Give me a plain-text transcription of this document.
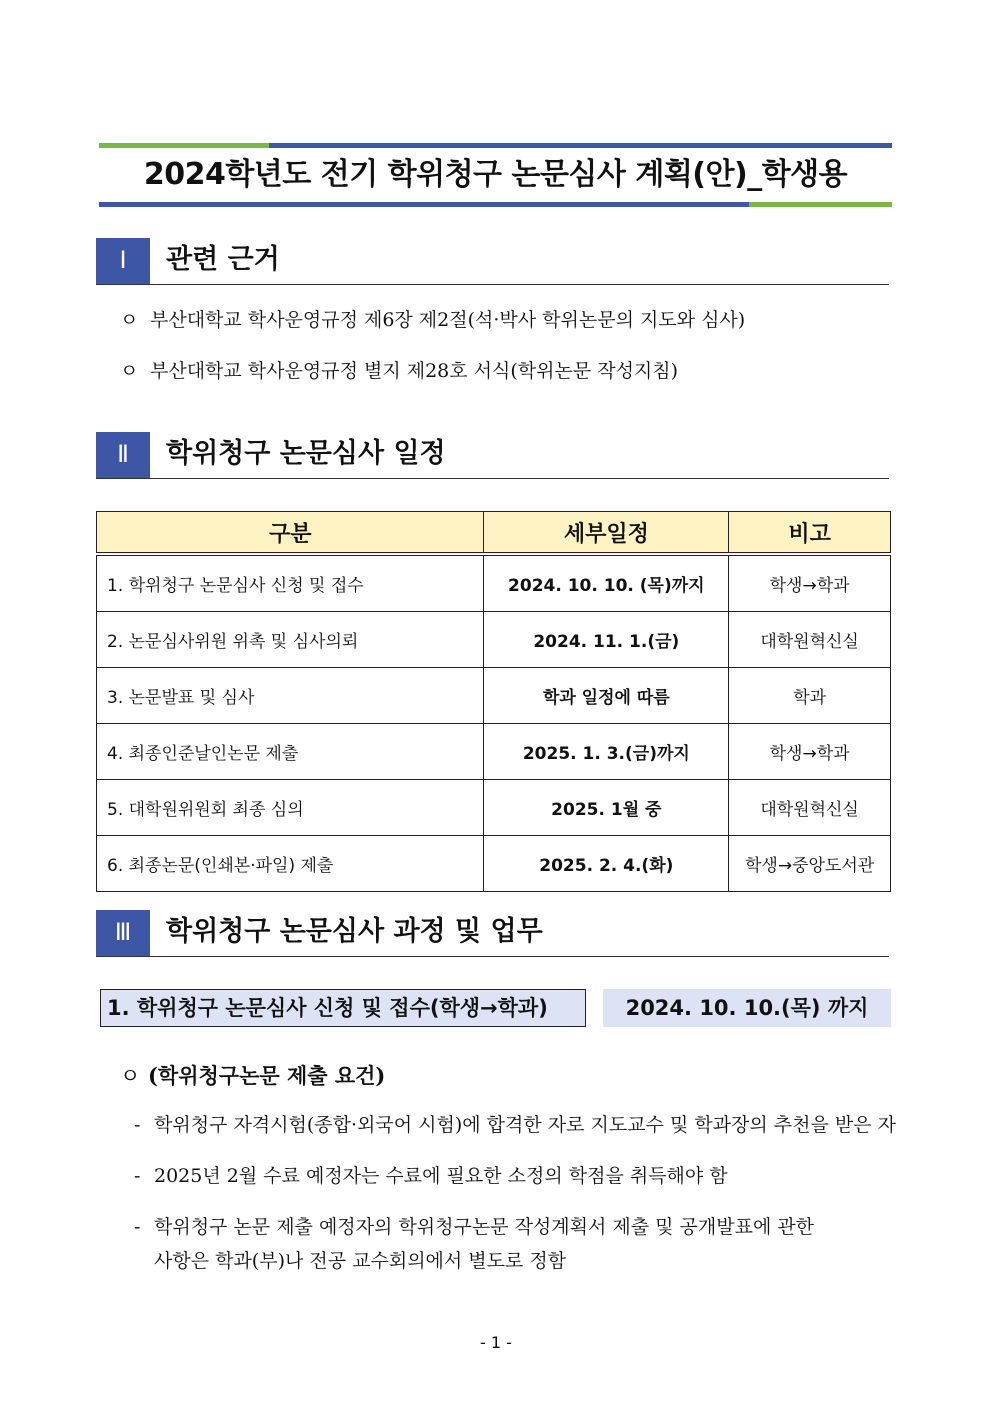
2024학년도 전기 학위청구 논문심사 계획(안)_학생용
Ⅰ	관련 근거
ㅇ 부산대학교 학사운영규정 제6장 제2절(석·박사 학위논문의 지도와 심사)
ㅇ 부산대학교 학사운영규정 별지 제28호 서식(학위논문 작성지침)
Ⅱ	학위청구 논문심사 일정
구분	세부일정	비고
1. 학위청구 논문심사 신청 및 접수	2024. 10. 10. (목)까지	학생→학과
2. 논문심사위원 위촉 및 심사의뢰	2024. 11. 1.(금)	대학원혁신실
3. 논문발표 및 심사	학과 일정에 따름	학과
4. 최종인준날인논문 제출	2025. 1. 3.(금)까지	학생→학과
5. 대학원위원회 최종 심의	2025. 1월 중	대학원혁신실
6. 최종논문(인쇄본·파일) 제출	2025. 2. 4.(화)	학생→중앙도서관
Ⅲ	학위청구 논문심사 과정 및 업무
1. 학위청구 논문심사 신청 및 접수(학생→학과)	2024. 10. 10.(목) 까지
ㅇ (학위청구논문 제출 요건)
- 학위청구 자격시험(종합·외국어 시험)에 합격한 자로 지도교수 및 학과장의 추천을 받은 자
- 2025년 2월 수료 예정자는 수료에 필요한 소정의 학점을 취득해야 함
- 학위청구 논문 제출 예정자의 학위청구논문 작성계획서 제출 및 공개발표에 관한
사항은 학과(부)나 전공 교수회의에서 별도로 정함
- 1 -
